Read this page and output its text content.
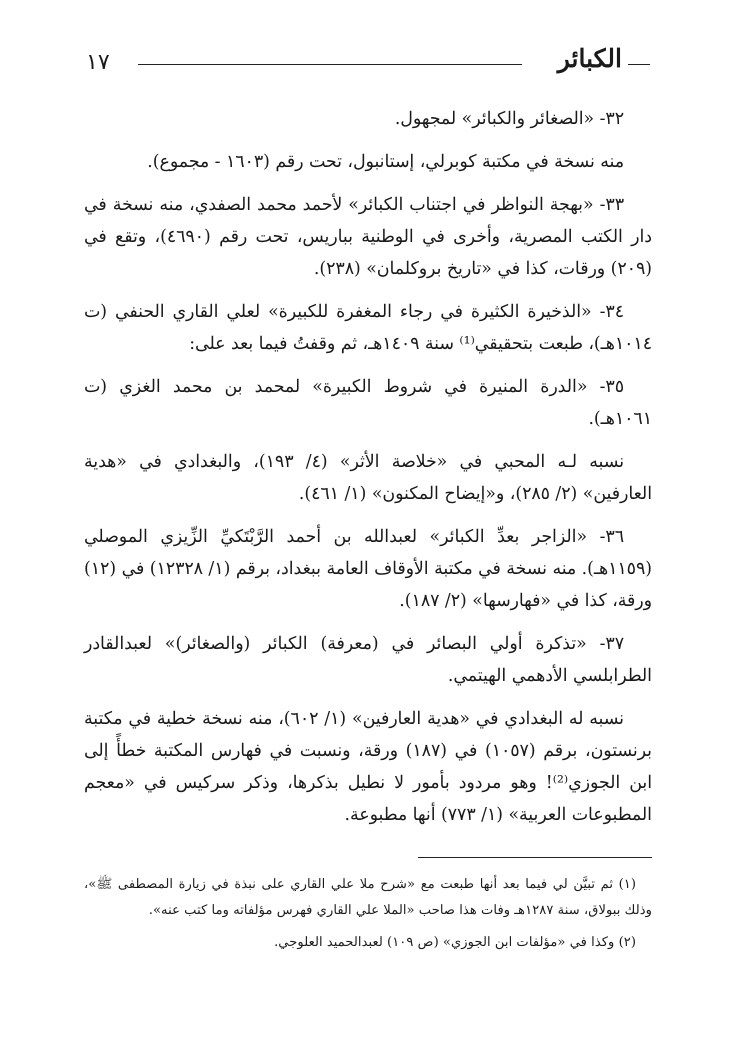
١٧	الكبائر

٣٢- «الصغائر والكبائر» لمجهول.

منه نسخة في مكتبة كوبرلي، إستانبول، تحت رقم (١٦٠٣ - مجموع).

٣٣- «بهجة النواظر في اجتناب الكبائر» لأحمد محمد الصفدي، منه نسخة في دار الكتب المصرية، وأخرى في الوطنية بباريس، تحت رقم (٤٦٩٠)، وتقع في (٢٠٩) ورقات، كذا في «تاريخ بروكلمان» (٢٣٨).

٣٤- «الذخيرة الكثيرة في رجاء المغفرة للكبيرة» لعلي القاري الحنفي (ت ١٠١٤هـ)، طبعت بتحقيقي⁽¹⁾ سنة ١٤٠٩هـ، ثم وقفتُ فيما بعد على:

٣٥- «الدرة المنيرة في شروط الكبيرة» لمحمد بن محمد الغزي (ت ١٠٦١هـ).

نسبه لـه المحبي في «خلاصة الأثر» (٤/ ١٩٣)، والبغدادي في «هدية العارفين» (٢/ ٢٨٥)، و«إيضاح المكنون» (١/ ٤٦١).

٣٦- «الزاجر بعدِّ الكبائر» لعبدالله بن أحمد الرَّبْتَكيِّ الزِّيزي الموصلي (١١٥٩هـ). منه نسخة في مكتبة الأوقاف العامة ببغداد، برقم (١/ ١٢٣٢٨) في (١٢) ورقة، كذا في «فهارسها» (٢/ ١٨٧).

٣٧- «تذكرة أولي البصائر في (معرفة) الكبائر (والصغائر)» لعبدالقادر الطرابلسي الأدهمي الهيتمي.

نسبه له البغدادي في «هدية العارفين» (١/ ٦٠٢)، منه نسخة خطية في مكتبة برنستون، برقم (١٠٥٧) في (١٨٧) ورقة، ونسبت في فهارس المكتبة خطأً إلى ابن الجوزي⁽²⁾! وهو مردود بأمور لا نطيل بذكرها، وذكر سركيس في «معجم المطبوعات العربية» (١/ ٧٧٣) أنها مطبوعة.

(١) ثم تبيَّن لي فيما بعد أنها طبعت مع «شرح ملا علي القاري على نبذة في زيارة المصطفى ﷺ»، وذلك ببولاق، سنة ١٢٨٧هـ وفات هذا صاحب «الملا علي القاري فهرس مؤلفاته وما كتب عنه».

(٢) وكذا في «مؤلفات ابن الجوزي» (ص ١٠٩) لعبدالحميد العلوجي.
